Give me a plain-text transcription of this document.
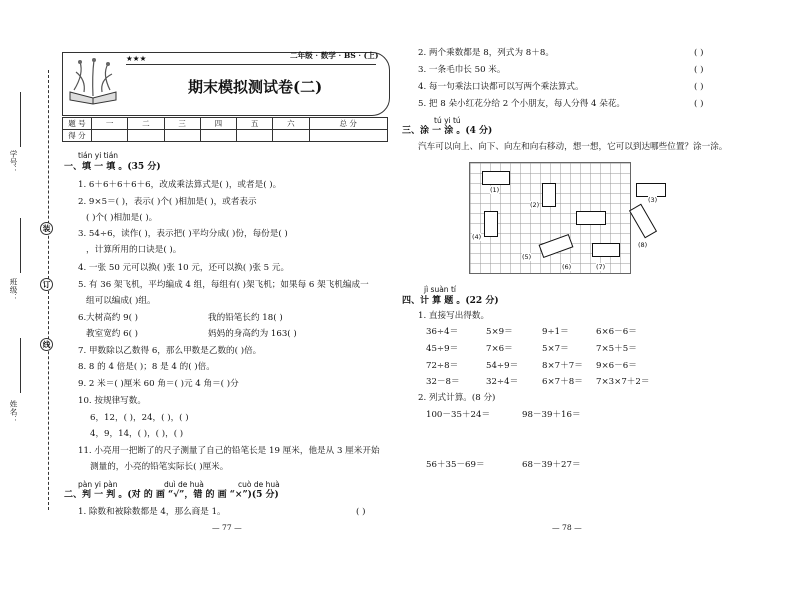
学号：
班级：
姓名：
装
订
线
★★★	二年级 · 数学 · BS · (上)
期末模拟测试卷(二)
题 号	一	二	三	四	五	六	总 分
得 分							
tián yi tián
一、填 一 填 。(35 分)
1. 6＋6＋6＋6＋6，改成乘法算式是( )，或者是( )。
2. 9×5＝( )，表示( )个( )相加是( )，或者表示
( )个( )相加是( )。
3. 54÷6，读作( )，表示把( )平均分成( )份，每份是( )
，计算所用的口诀是( )。
4. 一张 50 元可以换( )张 10 元，还可以换( )张 5 元。
5. 有 36 架飞机，平均编成 4 组，每组有( )架飞机；如果每 6 架飞机编成一
组可以编成( )组。
6. 大树高约 9( )	我的铅笔长约 18( )
教室宽约 6( )	妈妈的身高约为 163( )
7. 甲数除以乙数得 6，那么甲数是乙数的( )倍。
8. 8 的 4 倍是( )；8 是 4 的( )倍。
9. 2 米＝( )厘米 60 角＝( )元 4 角＝( )分
10. 按规律写数。
6，12，( )，24，( )，( )
4，9，14，( )，( )，( )
11. 小亮用一把断了的尺子测量了自己的铅笔长是 19 厘米，他是从 3 厘米开始
测量的，小亮的铅笔实际长( )厘米。
pàn yi pàn	duì de huà	cuò de huà
二、判 一 判 。(对 的 画 “√”，错 的 画 “×”)(5 分)
1. 除数和被除数都是 4，那么商是 1。	( )
— 77 —
2. 两个乘数都是 8，列式为 8＋8。	( )
3. 一条毛巾长 50 米。	( )
4. 每一句乘法口诀都可以写两个乘法算式。	( )
5. 把 8 朵小红花分给 2 个小朋友，每人分得 4 朵花。	( )
tú yi tú
三、涂 一 涂 。(4 分)
汽车可以向上、向下、向左和向右移动，想一想，它可以到达哪些位置？涂一涂。
(1)
(2)
(4)
(5)
(6)	(7)
(8)
(3)
jì suàn tí
四、计 算 题 。(22 分)
1. 直接写出得数。
36÷4＝	5×9＝	9÷1＝	6×6－6＝
45÷9＝	7×6＝	5×7＝	7×5＋5＝
72÷8＝	54÷9＝	8×7＋7＝ 9×6－6＝
32－8＝	32÷4＝	6×7＋8＝ 7×3×7＋2＝
2. 列式计算。(8 分)
100－35＋24＝	98－39＋16＝
56＋35－69＝	68－39＋27＝
— 78 —
